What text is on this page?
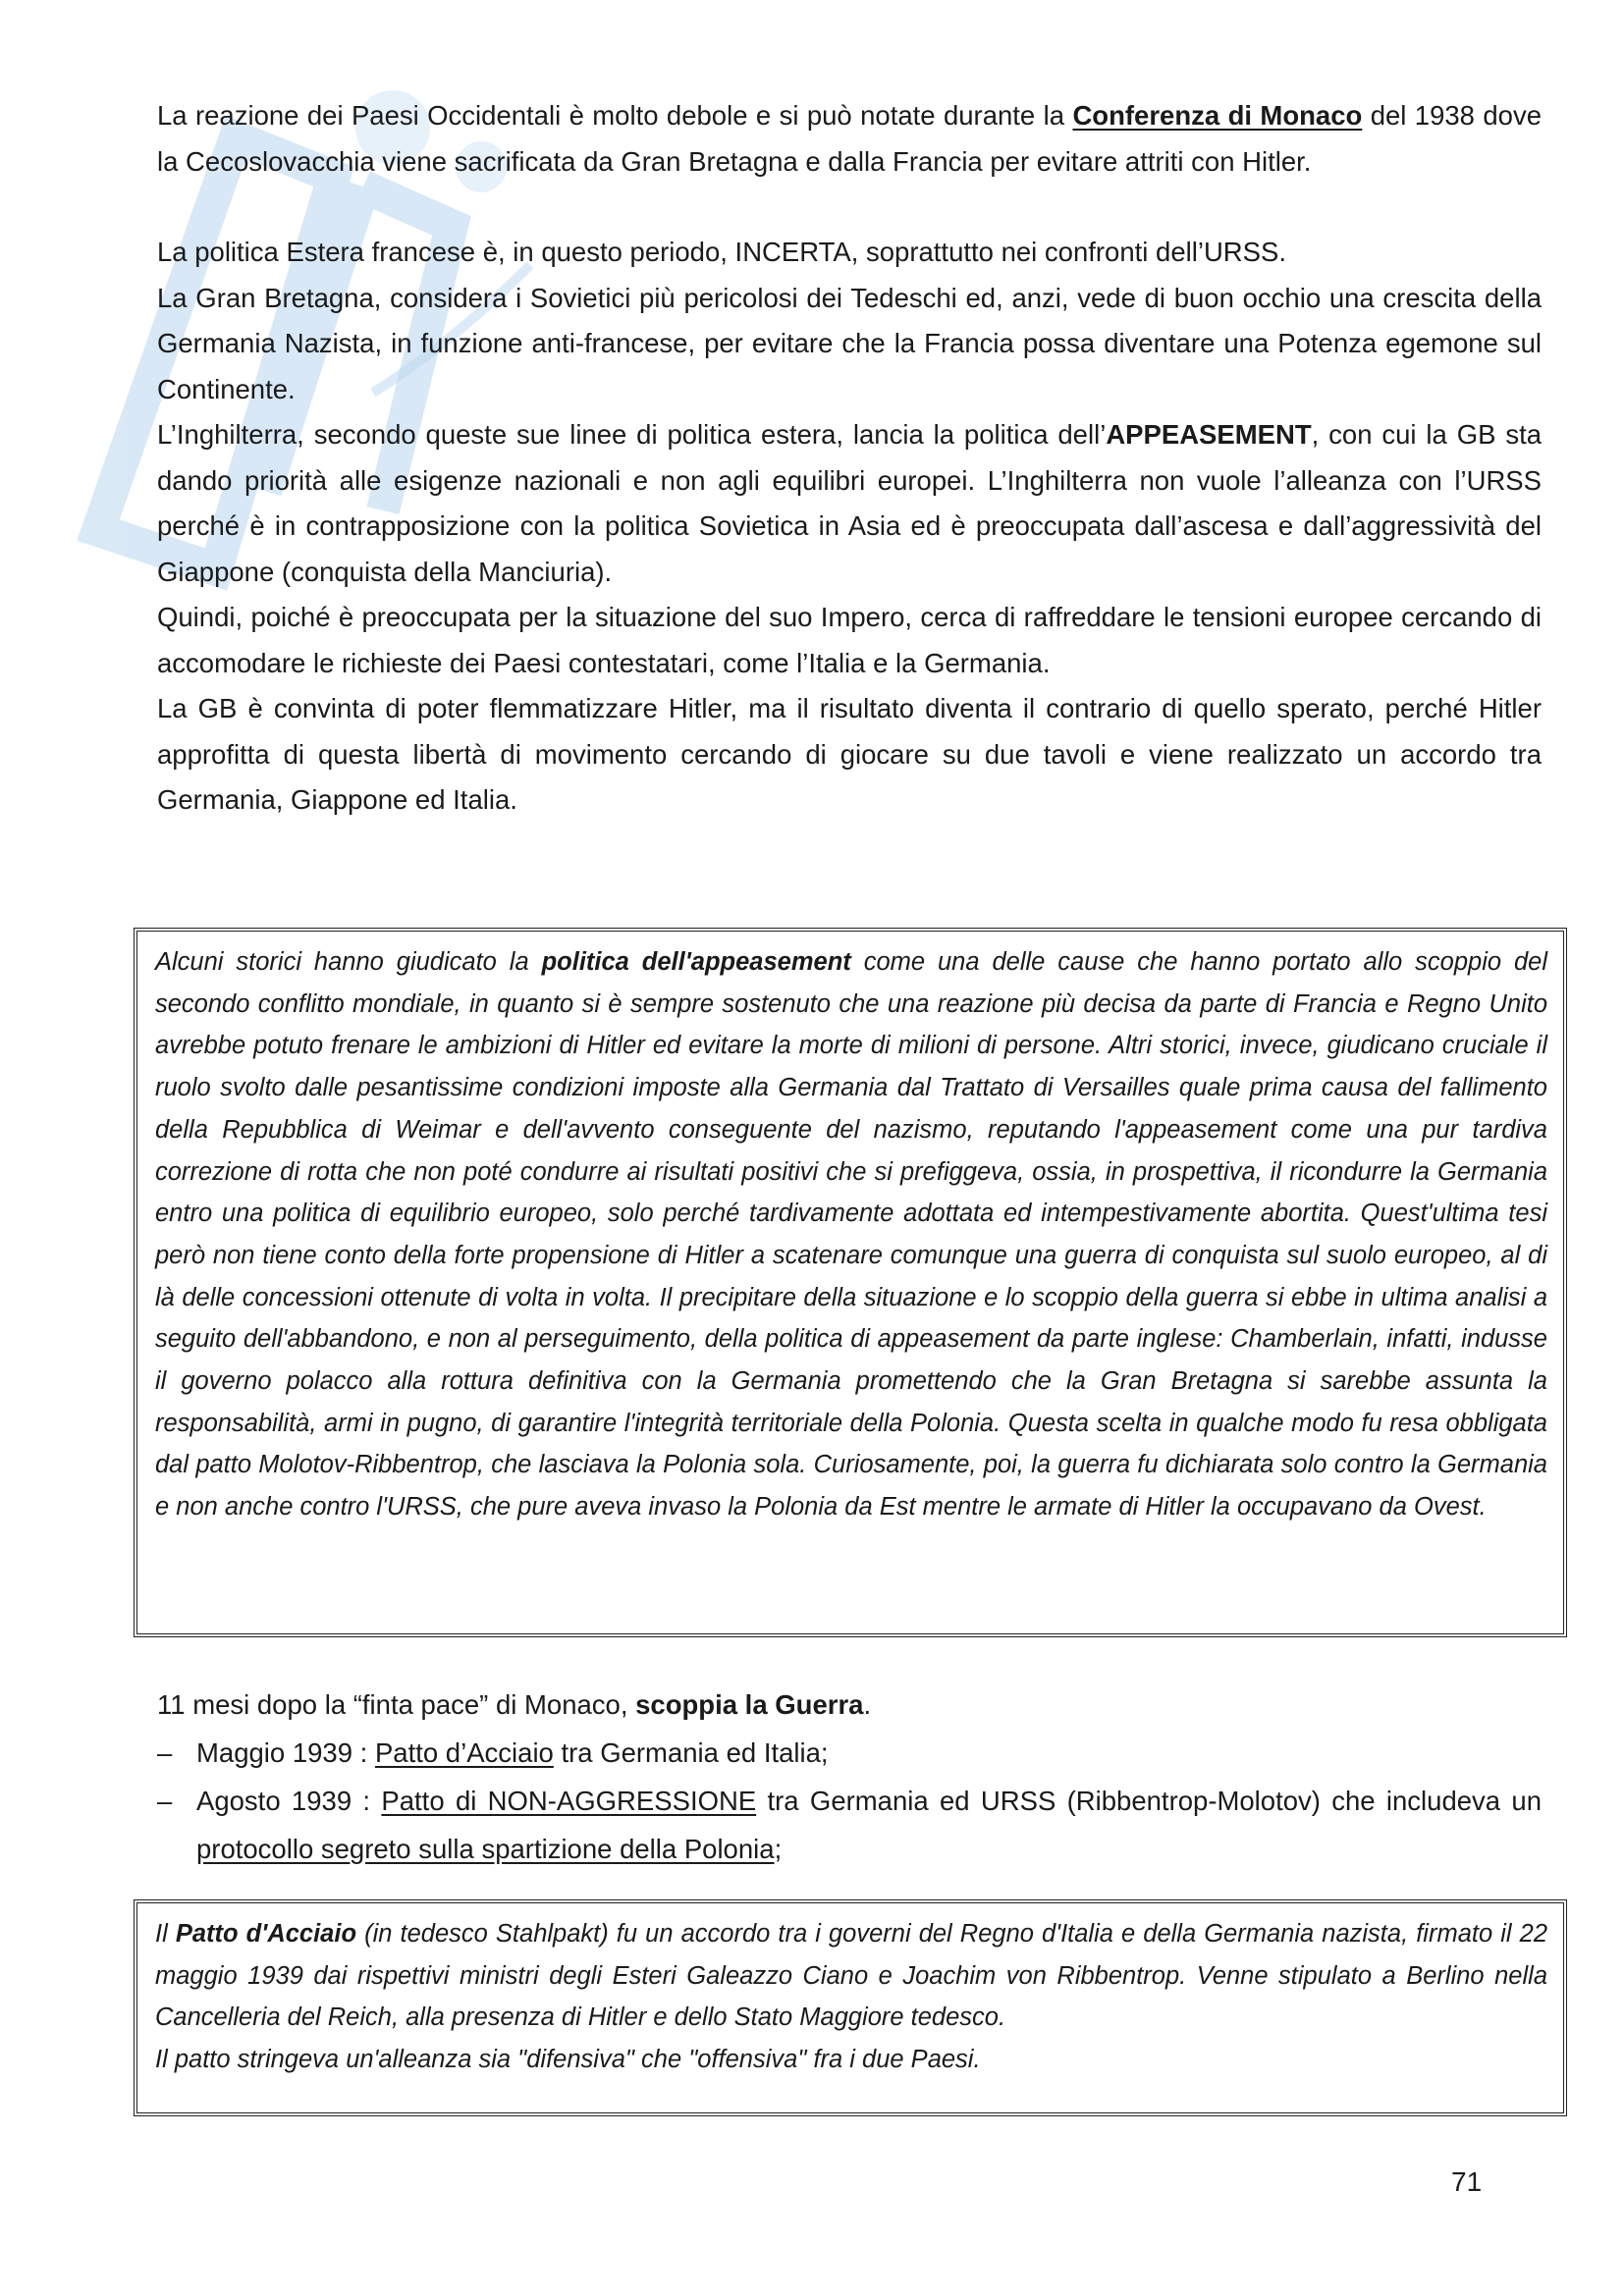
La reazione dei Paesi Occidentali è molto debole e si può notate durante la Conferenza di Monaco del 1938 dove la Cecoslovacchia viene sacrificata da Gran Bretagna e dalla Francia per evitare attriti con Hitler.

La politica Estera francese è, in questo periodo, INCERTA, soprattutto nei confronti dell’URSS.

La Gran Bretagna, considera i Sovietici più pericolosi dei Tedeschi ed, anzi, vede di buon occhio una crescita della Germania Nazista, in funzione anti-francese, per evitare che la Francia possa diventare una Potenza egemone sul Continente.

L’Inghilterra, secondo queste sue linee di politica estera, lancia la politica dell’APPEASEMENT, con cui la GB sta dando priorità alle esigenze nazionali e non agli equilibri europei. L’Inghilterra non vuole l’alleanza con l’URSS perché è in contrapposizione con la politica Sovietica in Asia ed è preoccupata dall’ascesa e dall’aggressività del Giappone (conquista della Manciuria).

Quindi, poiché è preoccupata per la situazione del suo Impero, cerca di raffreddare le tensioni europee cercando di accomodare le richieste dei Paesi contestatari, come l’Italia e la Germania.

La GB è convinta di poter flemmatizzare Hitler, ma il risultato diventa il contrario di quello sperato, perché Hitler approfitta di questa libertà di movimento cercando di giocare su due tavoli e viene realizzato un accordo tra Germania, Giappone ed Italia.

Alcuni storici hanno giudicato la politica dell'appeasement come una delle cause che hanno portato allo scoppio del secondo conflitto mondiale, in quanto si è sempre sostenuto che una reazione più decisa da parte di Francia e Regno Unito avrebbe potuto frenare le ambizioni di Hitler ed evitare la morte di milioni di persone. Altri storici, invece, giudicano cruciale il ruolo svolto dalle pesantissime condizioni imposte alla Germania dal Trattato di Versailles quale prima causa del fallimento della Repubblica di Weimar e dell'avvento conseguente del nazismo, reputando l'appeasement come una pur tardiva correzione di rotta che non poté condurre ai risultati positivi che si prefiggeva, ossia, in prospettiva, il ricondurre la Germania entro una politica di equilibrio europeo, solo perché tardivamente adottata ed intempestivamente abortita. Quest'ultima tesi però non tiene conto della forte propensione di Hitler a scatenare comunque una guerra di conquista sul suolo europeo, al di là delle concessioni ottenute di volta in volta. Il precipitare della situazione e lo scoppio della guerra si ebbe in ultima analisi a seguito dell'abbandono, e non al perseguimento, della politica di appeasement da parte inglese: Chamberlain, infatti, indusse il governo polacco alla rottura definitiva con la Germania promettendo che la Gran Bretagna si sarebbe assunta la responsabilità, armi in pugno, di garantire l'integrità territoriale della Polonia. Questa scelta in qualche modo fu resa obbligata dal patto Molotov-Ribbentrop, che lasciava la Polonia sola. Curiosamente, poi, la guerra fu dichiarata solo contro la Germania e non anche contro l'URSS, che pure aveva invaso la Polonia da Est mentre le armate di Hitler la occupavano da Ovest.

11 mesi dopo la “finta pace” di Monaco, scoppia la Guerra.
– Maggio 1939 : Patto d’Acciaio tra Germania ed Italia;
– Agosto 1939 : Patto di NON-AGGRESSIONE tra Germania ed URSS (Ribbentrop-Molotov) che includeva un protocollo segreto sulla spartizione della Polonia;

Il Patto d'Acciaio (in tedesco Stahlpakt) fu un accordo tra i governi del Regno d'Italia e della Germania nazista, firmato il 22 maggio 1939 dai rispettivi ministri degli Esteri Galeazzo Ciano e Joachim von Ribbentrop. Venne stipulato a Berlino nella Cancelleria del Reich, alla presenza di Hitler e dello Stato Maggiore tedesco.

Il patto stringeva un'alleanza sia "difensiva" che "offensiva" fra i due Paesi.

71
